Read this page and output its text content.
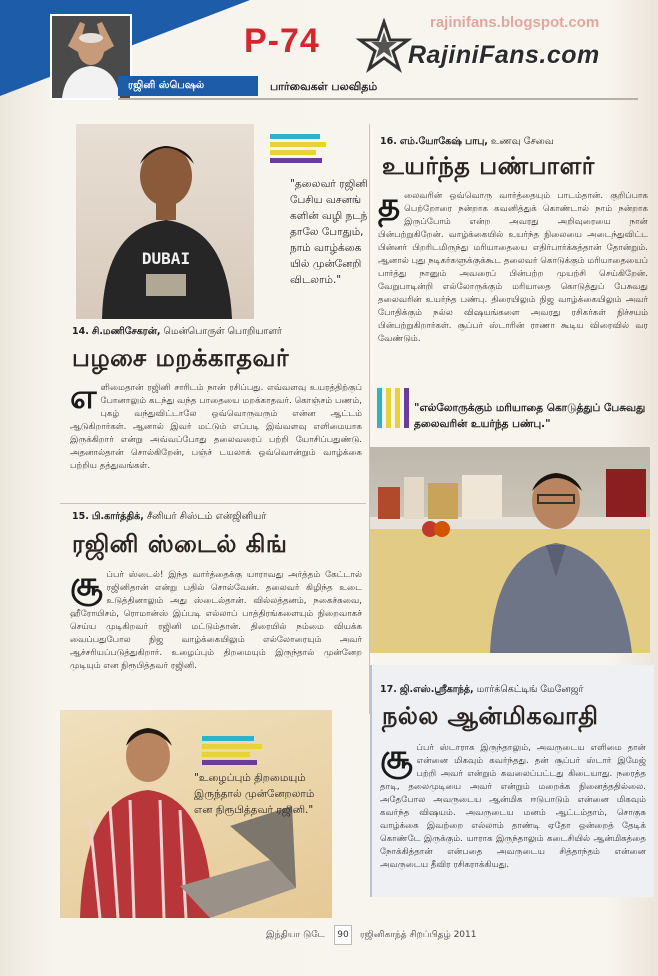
ரஜினி ஸ்பெஷல்	பார்வைகள் பலவிதம்
P-74	rajinifans.blogspot.com
RajiniFans.com
DUBAI
"தலைவர் ரஜினி பேசிய வசனங் களின் வழி நடந் தாலே போதும், நாம் வாழ்க்கை யில் முன்னேறி விடலாம்."
14. சி.மணிசேகரன், மென்பொருள் பொறியாளர்
பழசை மறக்காதவர்
எ ளிமைதான் ரஜினி சாரிடம் நான் ரசிப்பது. எவ்வளவு உயரத்திற்குப் போனாலும் கடந்து வந்த பாதையை மறக்காதவர். கொஞ்சம் பணம், புகழ் வந்துவிட்டாலே ஒவ்வொருவரும் என்ன ஆட்டம் ஆடுகிறார்கள். ஆனால் இவர் மட்டும் எப்படி இவ்வளவு எளிமையாக இருக்கிறார் என்று அவ்வப்போது தலைவரைப் பற்றி யோசிப்பதுண்டு. அதனால்தான் சொல்கிறேன், பஞ்ச் டயலாக் ஒவ்வொன்றும் வாழ்க்கை பற்றிய தத்துவங்கள்.
15. பி.கார்த்திக், சீனியர் சிஸ்டம் என்ஜினியர்
ரஜினி ஸ்டைல் கிங்
சூ ப்பர் ஸ்டைல்! இந்த வார்த்தைக்கு யாராவது அர்த்தம் கேட்டால் ரஜினிதான் என்று பதில் சொல்வேன். தலைவர் கிழிந்த உடை உடுத்தினாலும் அது ஸ்டைல்தான். வில்லத்தனம், நகைச்சுவை, ஹீரோயிசம், ரொமான்ஸ் இப்படி எல்லாப் பாத்திரங்களையும் நிறைவாகச் செய்ய முடிகிறவர் ரஜினி மட்டும்தான். திரையில் நம்மை வியக்க வைப்பதுபோல நிஜ வாழ்க்கையிலும் எல்லோரையும் அவர் ஆச்சரியப்படுத்துகிறார். உழைப்பும் திறமையும் இருந்தால் முன்னேற முடியும் என நிரூபித்தவர் ரஜினி.
"உழைப்பும் திறமையும் இருந்தால் முன்னேறலாம் என நிரூபித்தவர் ரஜினி."
16. எம்.யோகேஷ் பாபு, உணவு சேவை
உயர்ந்த பண்பாளர்
த லைவரின் ஒவ்வொரு வார்த்தையும் பாடம்தான். குறிப்பாக பெற்றோரை நன்றாக கவனித்துக் கொண்டால் நாம் நன்றாக இருப்போம் என்ற அவரது அறிவுரையை நான் பின்பற்றுகிறேன். வாழ்க்கையில் உயர்ந்த நிலையை அடைந்துவிட்ட பின்னர் பிறரிடமிருந்து மரியாதையை எதிர்பார்க்கத்தான் தோன்றும். ஆனால் புது நடிகர்களுக்குக்கூட தலைவர் கொடுக்கும் மரியாதையைப் பார்த்து நானும் அவரைப் பின்பற்ற முயற்சி செய்கிறேன். வேறுபாடின்றி எல்லோருக்கும் மரியாதை கொடுத்துப் பேசுவது தலைவரின் உயர்ந்த பண்பு. திரையிலும் நிஜ வாழ்க்கையிலும் அவர் போதிக்கும் நல்ல விஷயங்களை அவரது ரசிகர்கள் நிச்சயம் பின்பற்றுகிறார்கள். சூப்பர் ஸ்டாரின் ராணா கூடிய விரைவில் வர வேண்டும்.
"எல்லோருக்கும் மரியாதை கொடுத்துப் பேசுவது தலைவரின் உயர்ந்த பண்பு."
17. ஜி.எஸ்.ஸ்ரீகாந்த், மார்க்கெட்டிங் மேனேஜர்
நல்ல ஆன்மிகவாதி
சூ ப்பர் ஸ்டாராக இருந்தாலும், அவருடைய எளிமை தான் என்னை மிகவும் கவர்ந்தது. தன் சூப்பர் ஸ்டார் இமேஜ் பற்றி அவர் என்றும் கவலைப்பட்டது கிடையாது. நரைத்த தாடி, தலைமுடியை அவர் என்றும் மறைக்க நினைத்ததில்லை. அதேபோல அவருடைய ஆன்மிக ஈடுபாடும் என்னை மிகவும் கவர்ந்த விஷயம். அவருடைய மனம் ஆட்டம்தாம், சொகுசு வாழ்க்கை இவற்றை எல்லாம் தாண்டி ஏதோ ஒன்றைத் தேடிக் கொண்டே இருக்கும். யாராக இருந்தாலும் கடைசியில் ஆன்மிகத்தை நோக்கித்தான் என்பதை அவருடைய சித்தாந்தம் என்னை அவருடைய தீவிர ரசிகராக்கியது.
இந்தியா டுடே	90	ரஜினிகாந்த் சிறப்பிதழ் 2011
